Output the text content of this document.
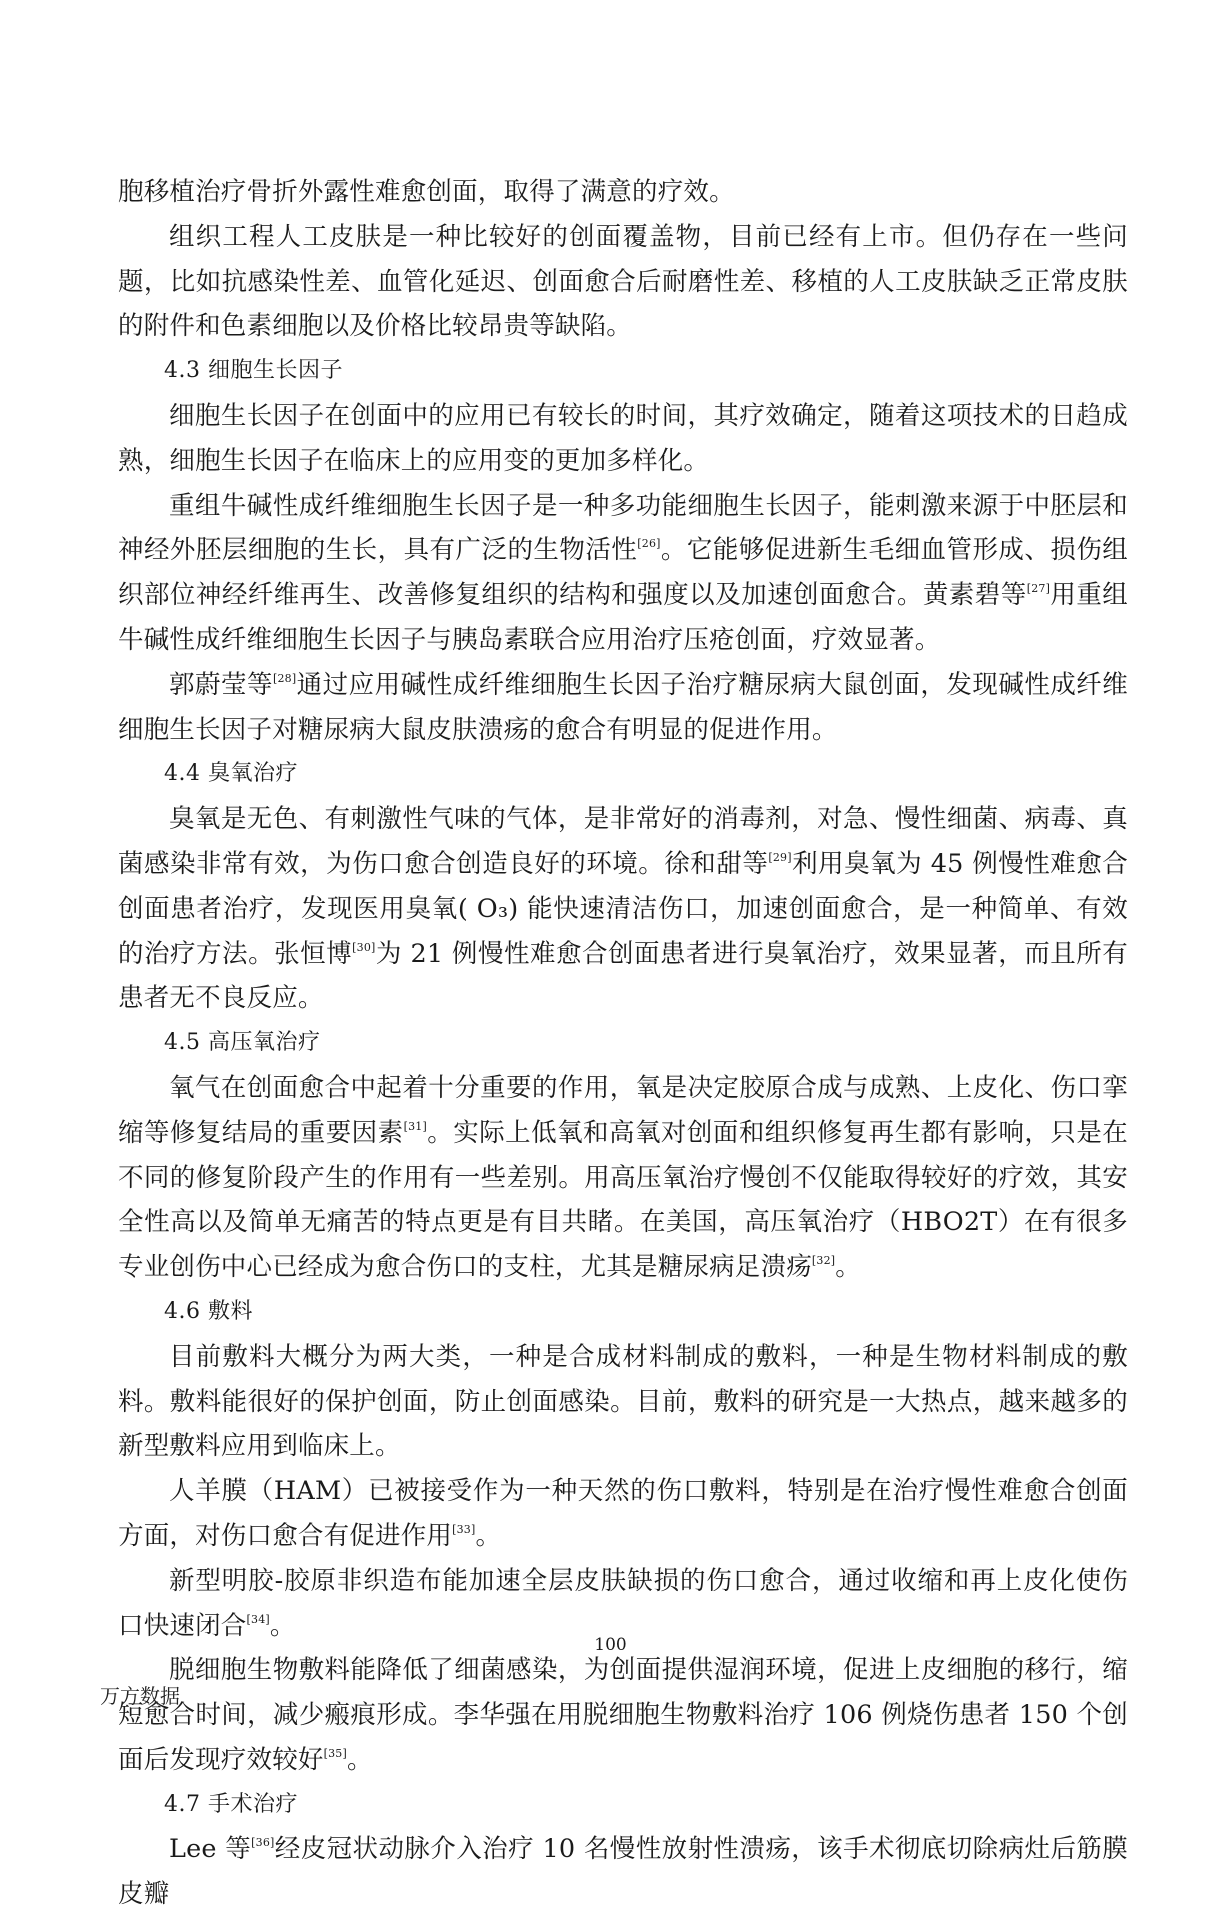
胞移植治疗骨折外露性难愈创面，取得了满意的疗效。

组织工程人工皮肤是一种比较好的创面覆盖物，目前已经有上市。但仍存在一些问题，比如抗感染性差、血管化延迟、创面愈合后耐磨性差、移植的人工皮肤缺乏正常皮肤的附件和色素细胞以及价格比较昂贵等缺陷。

4.3 细胞生长因子

细胞生长因子在创面中的应用已有较长的时间，其疗效确定，随着这项技术的日趋成熟，细胞生长因子在临床上的应用变的更加多样化。

重组牛碱性成纤维细胞生长因子是一种多功能细胞生长因子，能刺激来源于中胚层和神经外胚层细胞的生长，具有广泛的生物活性[26]。它能够促进新生毛细血管形成、损伤组织部位神经纤维再生、改善修复组织的结构和强度以及加速创面愈合。黄素碧等[27]用重组牛碱性成纤维细胞生长因子与胰岛素联合应用治疗压疮创面，疗效显著。

郭蔚莹等[28]通过应用碱性成纤维细胞生长因子治疗糖尿病大鼠创面，发现碱性成纤维细胞生长因子对糖尿病大鼠皮肤溃疡的愈合有明显的促进作用。

4.4 臭氧治疗

臭氧是无色、有刺激性气味的气体，是非常好的消毒剂，对急、慢性细菌、病毒、真菌感染非常有效，为伤口愈合创造良好的环境。徐和甜等[29]利用臭氧为 45 例慢性难愈合创面患者治疗，发现医用臭氧( O₃) 能快速清洁伤口，加速创面愈合，是一种简单、有效的治疗方法。张恒博[30]为 21 例慢性难愈合创面患者进行臭氧治疗，效果显著，而且所有患者无不良反应。

4.5 高压氧治疗

氧气在创面愈合中起着十分重要的作用，氧是决定胶原合成与成熟、上皮化、伤口挛缩等修复结局的重要因素[31]。实际上低氧和高氧对创面和组织修复再生都有影响，只是在不同的修复阶段产生的作用有一些差别。用高压氧治疗慢创不仅能取得较好的疗效，其安全性高以及简单无痛苦的特点更是有目共睹。在美国，高压氧治疗（HBO2T）在有很多专业创伤中心已经成为愈合伤口的支柱，尤其是糖尿病足溃疡[32]。

4.6 敷料

目前敷料大概分为两大类，一种是合成材料制成的敷料，一种是生物材料制成的敷料。敷料能很好的保护创面，防止创面感染。目前，敷料的研究是一大热点，越来越多的新型敷料应用到临床上。

人羊膜（HAM）已被接受作为一种天然的伤口敷料，特别是在治疗慢性难愈合创面方面，对伤口愈合有促进作用[33]。

新型明胶-胶原非织造布能加速全层皮肤缺损的伤口愈合，通过收缩和再上皮化使伤口快速闭合[34]。

脱细胞生物敷料能降低了细菌感染，为创面提供湿润环境，促进上皮细胞的移行，缩短愈合时间，减少瘢痕形成。李华强在用脱细胞生物敷料治疗 106 例烧伤患者 150 个创面后发现疗效较好[35]。

4.7 手术治疗

Lee 等[36]经皮冠状动脉介入治疗 10 名慢性放射性溃疡，该手术彻底切除病灶后筋膜皮瓣

100
万方数据
